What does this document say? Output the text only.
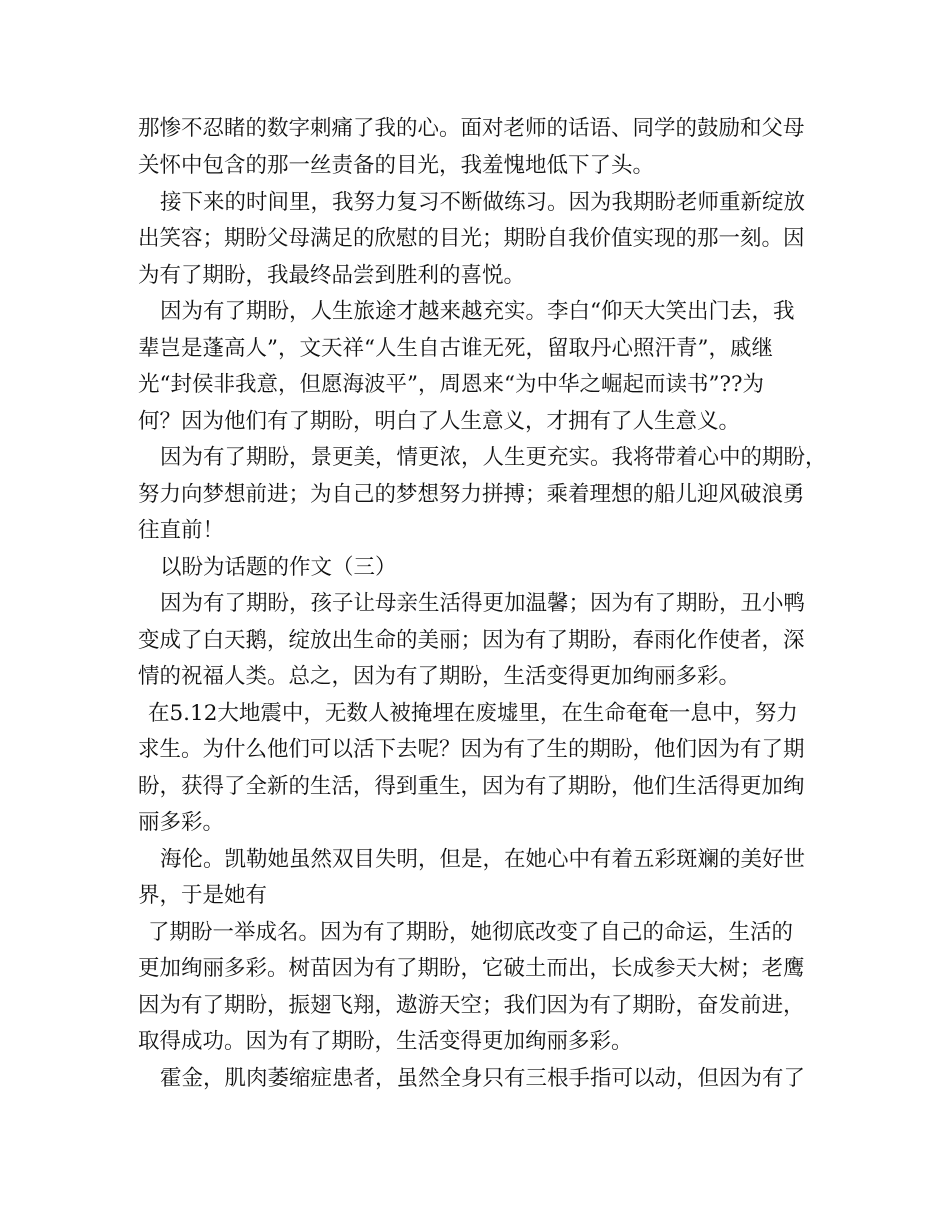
那惨不忍睹的数字刺痛了我的心。面对老师的话语、同学的鼓励和父母
关怀中包含的那一丝责备的目光，我羞愧地低下了头。
接下来的时间里，我努力复习不断做练习。因为我期盼老师重新绽放
出笑容；期盼父母满足的欣慰的目光；期盼自我价值实现的那一刻。因
为有了期盼，我最终品尝到胜利的喜悦。
因为有了期盼，人生旅途才越来越充实。李白“仰天大笑出门去，我
辈岂是蓬高人”，文天祥“人生自古谁无死，留取丹心照汗青”，戚继
光“封侯非我意，但愿海波平”，周恩来“为中华之崛起而读书”??为
何？因为他们有了期盼，明白了人生意义，才拥有了人生意义。
因为有了期盼，景更美，情更浓，人生更充实。我将带着心中的期盼，
努力向梦想前进；为自己的梦想努力拼搏；乘着理想的船儿迎风破浪勇
往直前！
以盼为话题的作文（三）
因为有了期盼，孩子让母亲生活得更加温馨；因为有了期盼，丑小鸭
变成了白天鹅，绽放出生命的美丽；因为有了期盼，春雨化作使者，深
情的祝福人类。总之，因为有了期盼，生活变得更加绚丽多彩。
在5.12大地震中，无数人被掩埋在废墟里，在生命奄奄一息中，努力
求生。为什么他们可以活下去呢？因为有了生的期盼，他们因为有了期
盼，获得了全新的生活，得到重生，因为有了期盼，他们生活得更加绚
丽多彩。
海伦。凯勒她虽然双目失明，但是，在她心中有着五彩斑斓的美好世
界，于是她有
了期盼一举成名。因为有了期盼，她彻底改变了自己的命运，生活的
更加绚丽多彩。树苗因为有了期盼，它破土而出，长成参天大树；老鹰
因为有了期盼，振翅飞翔，遨游天空；我们因为有了期盼，奋发前进，
取得成功。因为有了期盼，生活变得更加绚丽多彩。
霍金，肌肉萎缩症患者，虽然全身只有三根手指可以动，但因为有了
